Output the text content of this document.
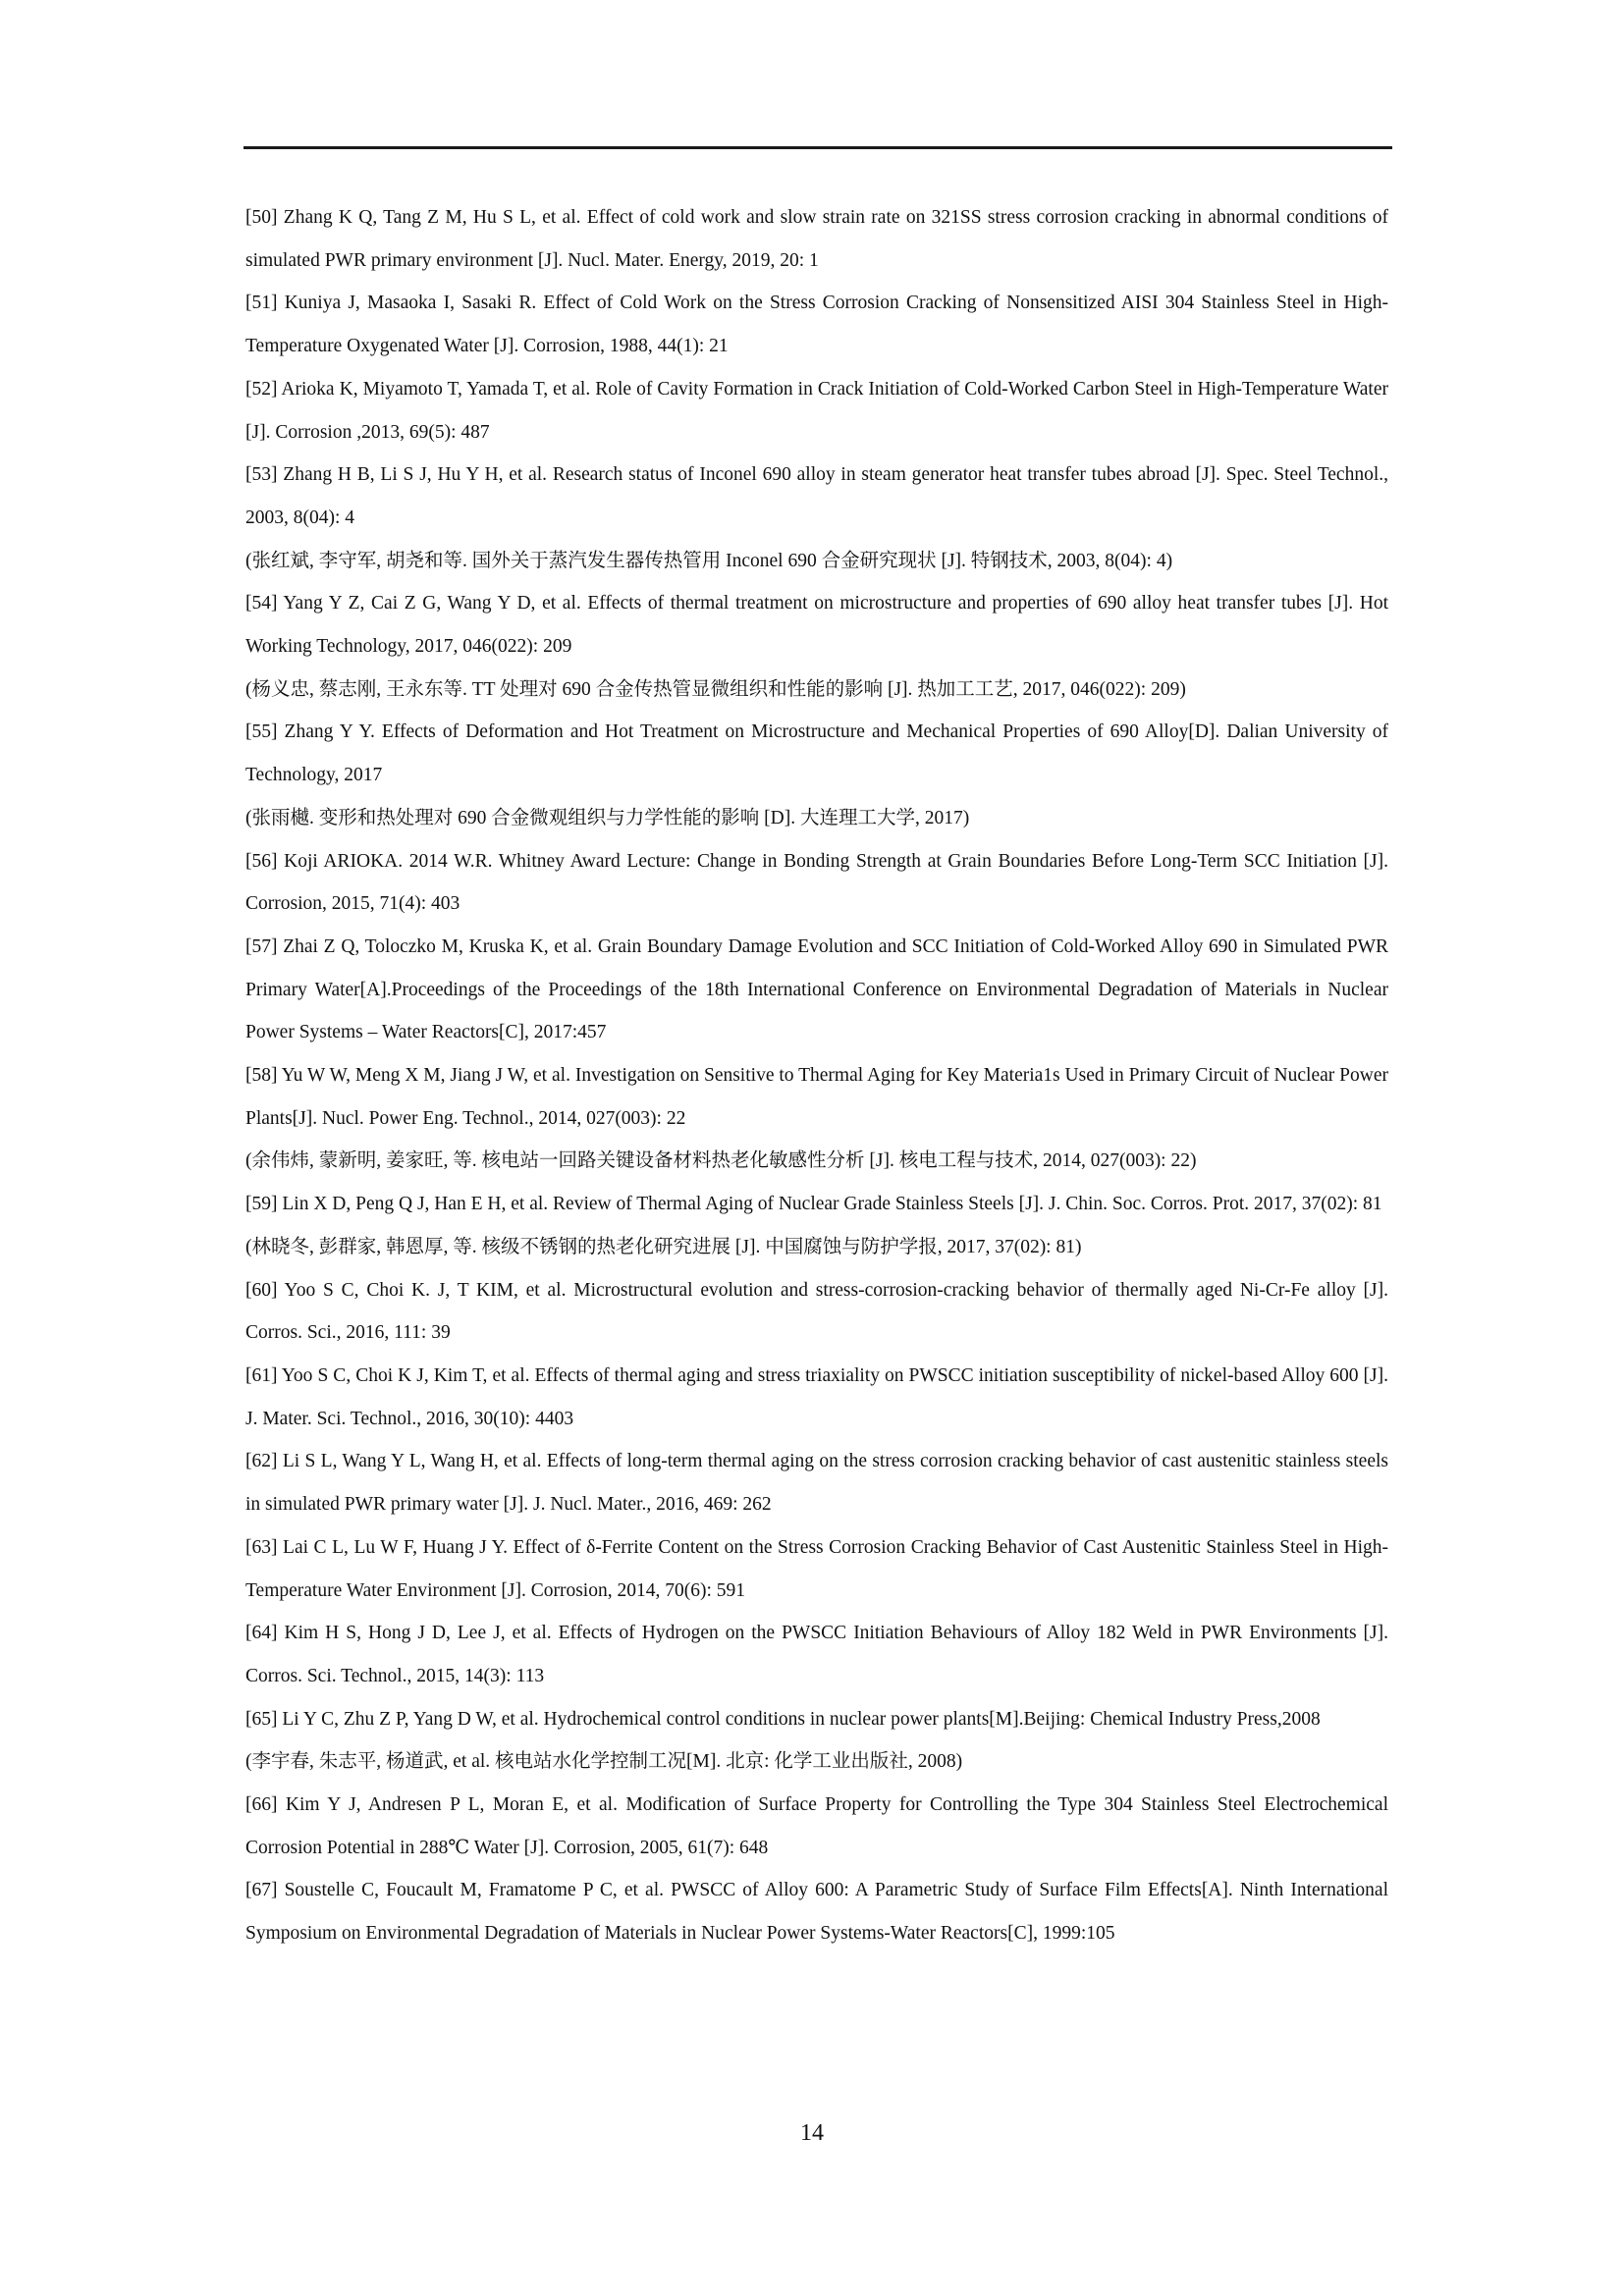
[50] Zhang K Q, Tang Z M, Hu S L, et al. Effect of cold work and slow strain rate on 321SS stress corrosion cracking in abnormal conditions of simulated PWR primary environment [J]. Nucl. Mater. Energy, 2019, 20: 1

[51] Kuniya J, Masaoka I, Sasaki R. Effect of Cold Work on the Stress Corrosion Cracking of Nonsensitized AISI 304 Stainless Steel in High-Temperature Oxygenated Water [J]. Corrosion, 1988, 44(1): 21

[52] Arioka K, Miyamoto T, Yamada T, et al. Role of Cavity Formation in Crack Initiation of Cold-Worked Carbon Steel in High-Temperature Water [J]. Corrosion ,2013, 69(5): 487

[53] Zhang H B, Li S J, Hu Y H, et al. Research status of Inconel 690 alloy in steam generator heat transfer tubes abroad [J]. Spec. Steel Technol., 2003, 8(04): 4

(张红斌, 李守军, 胡尧和等. 国外关于蒸汽发生器传热管用 Inconel 690 合金研究现状 [J]. 特钢技术, 2003, 8(04): 4)

[54] Yang Y Z, Cai Z G, Wang Y D, et al. Effects of thermal treatment on microstructure and properties of 690 alloy heat transfer tubes [J]. Hot Working Technology, 2017, 046(022): 209

(杨义忠, 蔡志刚, 王永东等. TT 处理对 690 合金传热管显微组织和性能的影响 [J]. 热加工工艺, 2017, 046(022): 209)

[55] Zhang Y Y. Effects of Deformation and Hot Treatment on Microstructure and Mechanical Properties of 690 Alloy[D]. Dalian University of Technology, 2017

(张雨樾. 变形和热处理对 690 合金微观组织与力学性能的影响 [D]. 大连理工大学, 2017)

[56] Koji ARIOKA. 2014 W.R. Whitney Award Lecture: Change in Bonding Strength at Grain Boundaries Before Long-Term SCC Initiation [J]. Corrosion, 2015, 71(4): 403

[57] Zhai Z Q, Toloczko M, Kruska K, et al. Grain Boundary Damage Evolution and SCC Initiation of Cold-Worked Alloy 690 in Simulated PWR Primary Water[A].Proceedings of the Proceedings of the 18th International Conference on Environmental Degradation of Materials in Nuclear Power Systems – Water Reactors[C], 2017:457

[58] Yu W W, Meng X M, Jiang J W, et al. Investigation on Sensitive to Thermal Aging for Key Materia1s Used in Primary Circuit of Nuclear Power Plants[J]. Nucl. Power Eng. Technol., 2014, 027(003): 22

(余伟炜, 蒙新明, 姜家旺, 等. 核电站一回路关键设备材料热老化敏感性分析 [J]. 核电工程与技术, 2014, 027(003): 22)

[59] Lin X D, Peng Q J, Han E H, et al. Review of Thermal Aging of Nuclear Grade Stainless Steels [J]. J. Chin. Soc. Corros. Prot. 2017, 37(02): 81

(林晓冬, 彭群家, 韩恩厚, 等. 核级不锈钢的热老化研究进展 [J]. 中国腐蚀与防护学报, 2017, 37(02): 81)

[60] Yoo S C, Choi K. J, T KIM, et al. Microstructural evolution and stress-corrosion-cracking behavior of thermally aged Ni-Cr-Fe alloy [J]. Corros. Sci., 2016, 111: 39

[61] Yoo S C, Choi K J, Kim T, et al. Effects of thermal aging and stress triaxiality on PWSCC initiation susceptibility of nickel-based Alloy 600 [J]. J. Mater. Sci. Technol., 2016, 30(10): 4403

[62] Li S L, Wang Y L, Wang H, et al. Effects of long-term thermal aging on the stress corrosion cracking behavior of cast austenitic stainless steels in simulated PWR primary water [J]. J. Nucl. Mater., 2016, 469: 262

[63] Lai C L, Lu W F, Huang J Y. Effect of δ-Ferrite Content on the Stress Corrosion Cracking Behavior of Cast Austenitic Stainless Steel in High-Temperature Water Environment [J]. Corrosion, 2014, 70(6): 591

[64] Kim H S, Hong J D, Lee J, et al. Effects of Hydrogen on the PWSCC Initiation Behaviours of Alloy 182 Weld in PWR Environments [J]. Corros. Sci. Technol., 2015, 14(3): 113

[65] Li Y C, Zhu Z P, Yang D W, et al. Hydrochemical control conditions in nuclear power plants[M].Beijing: Chemical Industry Press,2008

(李宇春, 朱志平, 杨道武, et al. 核电站水化学控制工况[M]. 北京: 化学工业出版社, 2008)

[66] Kim Y J, Andresen P L, Moran E, et al. Modification of Surface Property for Controlling the Type 304 Stainless Steel Electrochemical Corrosion Potential in 288℃ Water [J]. Corrosion, 2005, 61(7): 648

[67] Soustelle C, Foucault M, Framatome P C, et al. PWSCC of Alloy 600: A Parametric Study of Surface Film Effects[A]. Ninth International Symposium on Environmental Degradation of Materials in Nuclear Power Systems-Water Reactors[C], 1999:105

14
